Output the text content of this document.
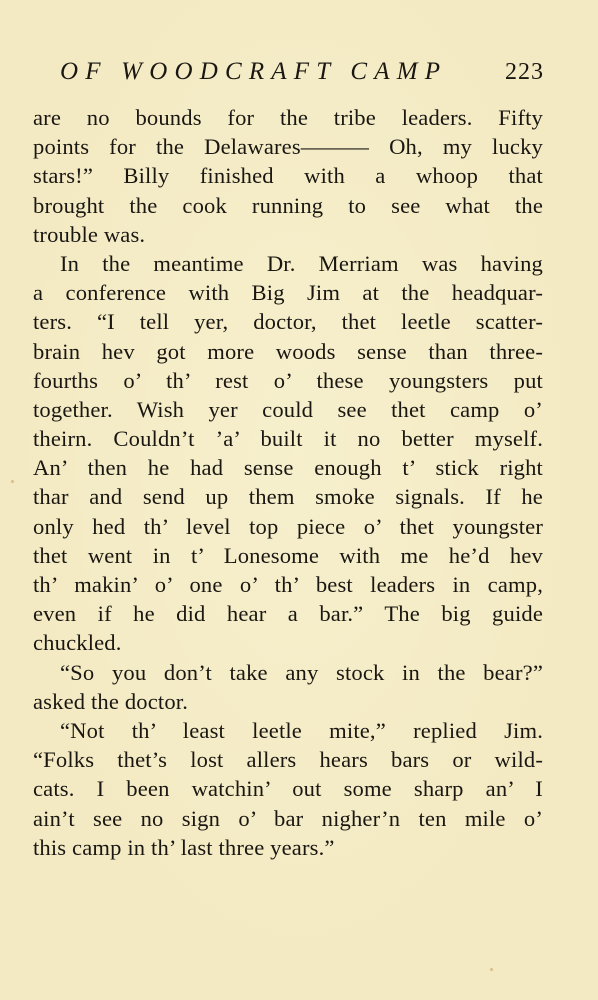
OF WOODCRAFT CAMP 223
are no bounds for the tribe leaders. Fifty
points for the Delawares——— Oh, my lucky
stars!” Billy finished with a whoop that
brought the cook running to see what the
trouble was.
In the meantime Dr. Merriam was having
a conference with Big Jim at the headquar-
ters. “I tell yer, doctor, thet leetle scatter-
brain hev got more woods sense than three-
fourths o’ th’ rest o’ these youngsters put
together. Wish yer could see thet camp o’
theirn. Couldn’t ’a’ built it no better myself.
An’ then he had sense enough t’ stick right
thar and send up them smoke signals. If he
only hed th’ level top piece o’ thet youngster
thet went in t’ Lonesome with me he’d hev
th’ makin’ o’ one o’ th’ best leaders in camp,
even if he did hear a bar.” The big guide
chuckled.
“So you don’t take any stock in the bear?”
asked the doctor.
“Not th’ least leetle mite,” replied Jim.
“Folks thet’s lost allers hears bars or wild-
cats. I been watchin’ out some sharp an’ I
ain’t see no sign o’ bar nigher’n ten mile o’
this camp in th’ last three years.”
